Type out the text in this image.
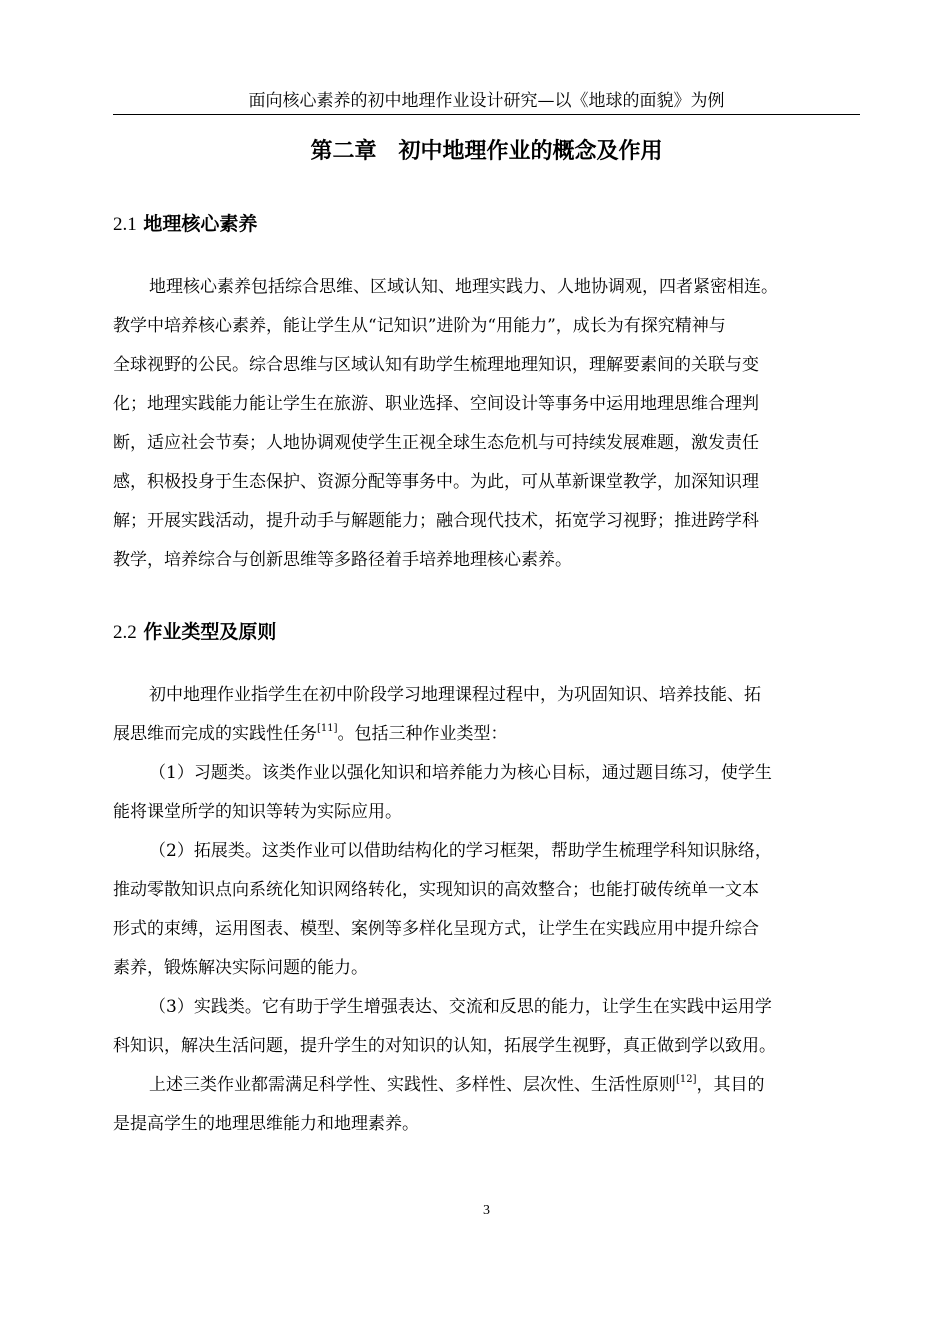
面向核心素养的初中地理作业设计研究—以《地球的面貌》为例
第二章　初中地理作业的概念及作用
2.1 地理核心素养
地理核心素养包括综合思维、区域认知、地理实践力、人地协调观，四者紧密相连。
教学中培养核心素养，能让学生从“记知识”进阶为“用能力”，成长为有探究精神与
全球视野的公民。综合思维与区域认知有助学生梳理地理知识，理解要素间的关联与变
化；地理实践能力能让学生在旅游、职业选择、空间设计等事务中运用地理思维合理判
断，适应社会节奏；人地协调观使学生正视全球生态危机与可持续发展难题，激发责任
感，积极投身于生态保护、资源分配等事务中。为此，可从革新课堂教学，加深知识理
解；开展实践活动，提升动手与解题能力；融合现代技术，拓宽学习视野；推进跨学科
教学，培养综合与创新思维等多路径着手培养地理核心素养。
2.2 作业类型及原则
初中地理作业指学生在初中阶段学习地理课程过程中，为巩固知识、培养技能、拓
展思维而完成的实践性任务[11]。包括三种作业类型：
（1）习题类。该类作业以强化知识和培养能力为核心目标，通过题目练习，使学生
能将课堂所学的知识等转为实际应用。
（2）拓展类。这类作业可以借助结构化的学习框架，帮助学生梳理学科知识脉络，
推动零散知识点向系统化知识网络转化，实现知识的高效整合；也能打破传统单一文本
形式的束缚，运用图表、模型、案例等多样化呈现方式，让学生在实践应用中提升综合
素养，锻炼解决实际问题的能力。
（3）实践类。它有助于学生增强表达、交流和反思的能力，让学生在实践中运用学
科知识，解决生活问题，提升学生的对知识的认知，拓展学生视野，真正做到学以致用。
上述三类作业都需满足科学性、实践性、多样性、层次性、生活性原则[12]，其目的
是提高学生的地理思维能力和地理素养。
3
